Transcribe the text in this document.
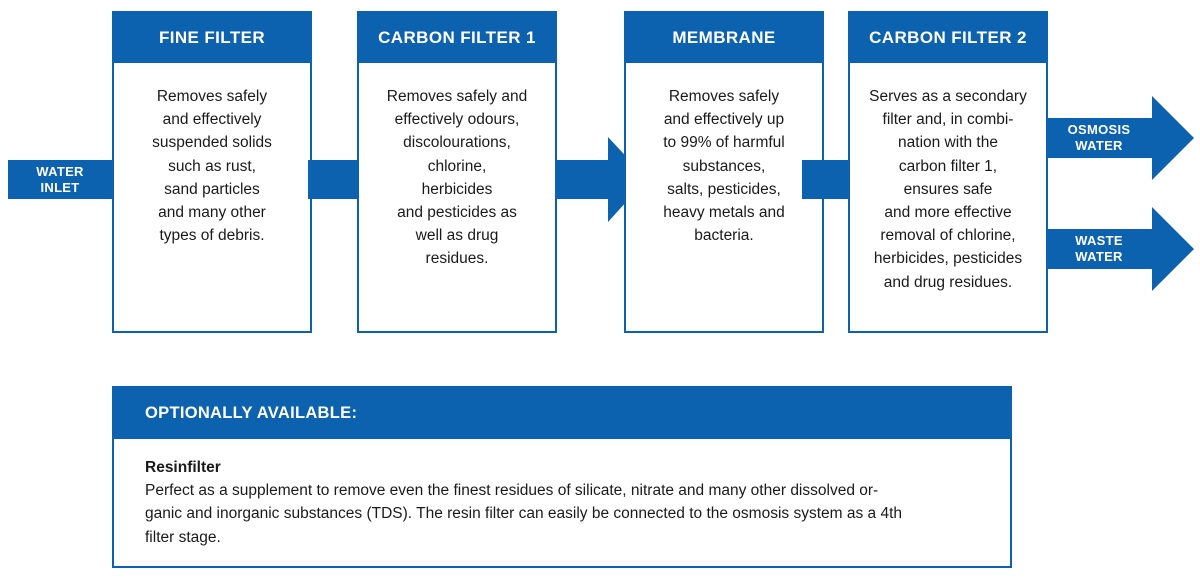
WATER
INLET
FINE FILTER
Removes safely
and effectively
suspended solids
such as rust,
sand particles
and many other
types of debris.
CARBON FILTER 1
Removes safely and
effectively odours,
discolourations,
chlorine,
herbicides
and pesticides as
well as drug
residues.
MEMBRANE
Removes safely
and effectively up
to 99% of harmful
substances,
salts, pesticides,
heavy metals and
bacteria.
CARBON FILTER 2
Serves as a secondary
filter and, in combi-
nation with the
carbon filter 1,
ensures safe
and more effective
removal of chlorine,
herbicides, pesticides
and drug residues.
OSMOSIS
WATER
WASTE
WATER
OPTIONALLY AVAILABLE:
Resinfilter
Perfect as a supplement to remove even the finest residues of silicate, nitrate and many other dissolved or-
ganic and inorganic substances (TDS). The resin filter can easily be connected to the osmosis system as a 4th
filter stage.
